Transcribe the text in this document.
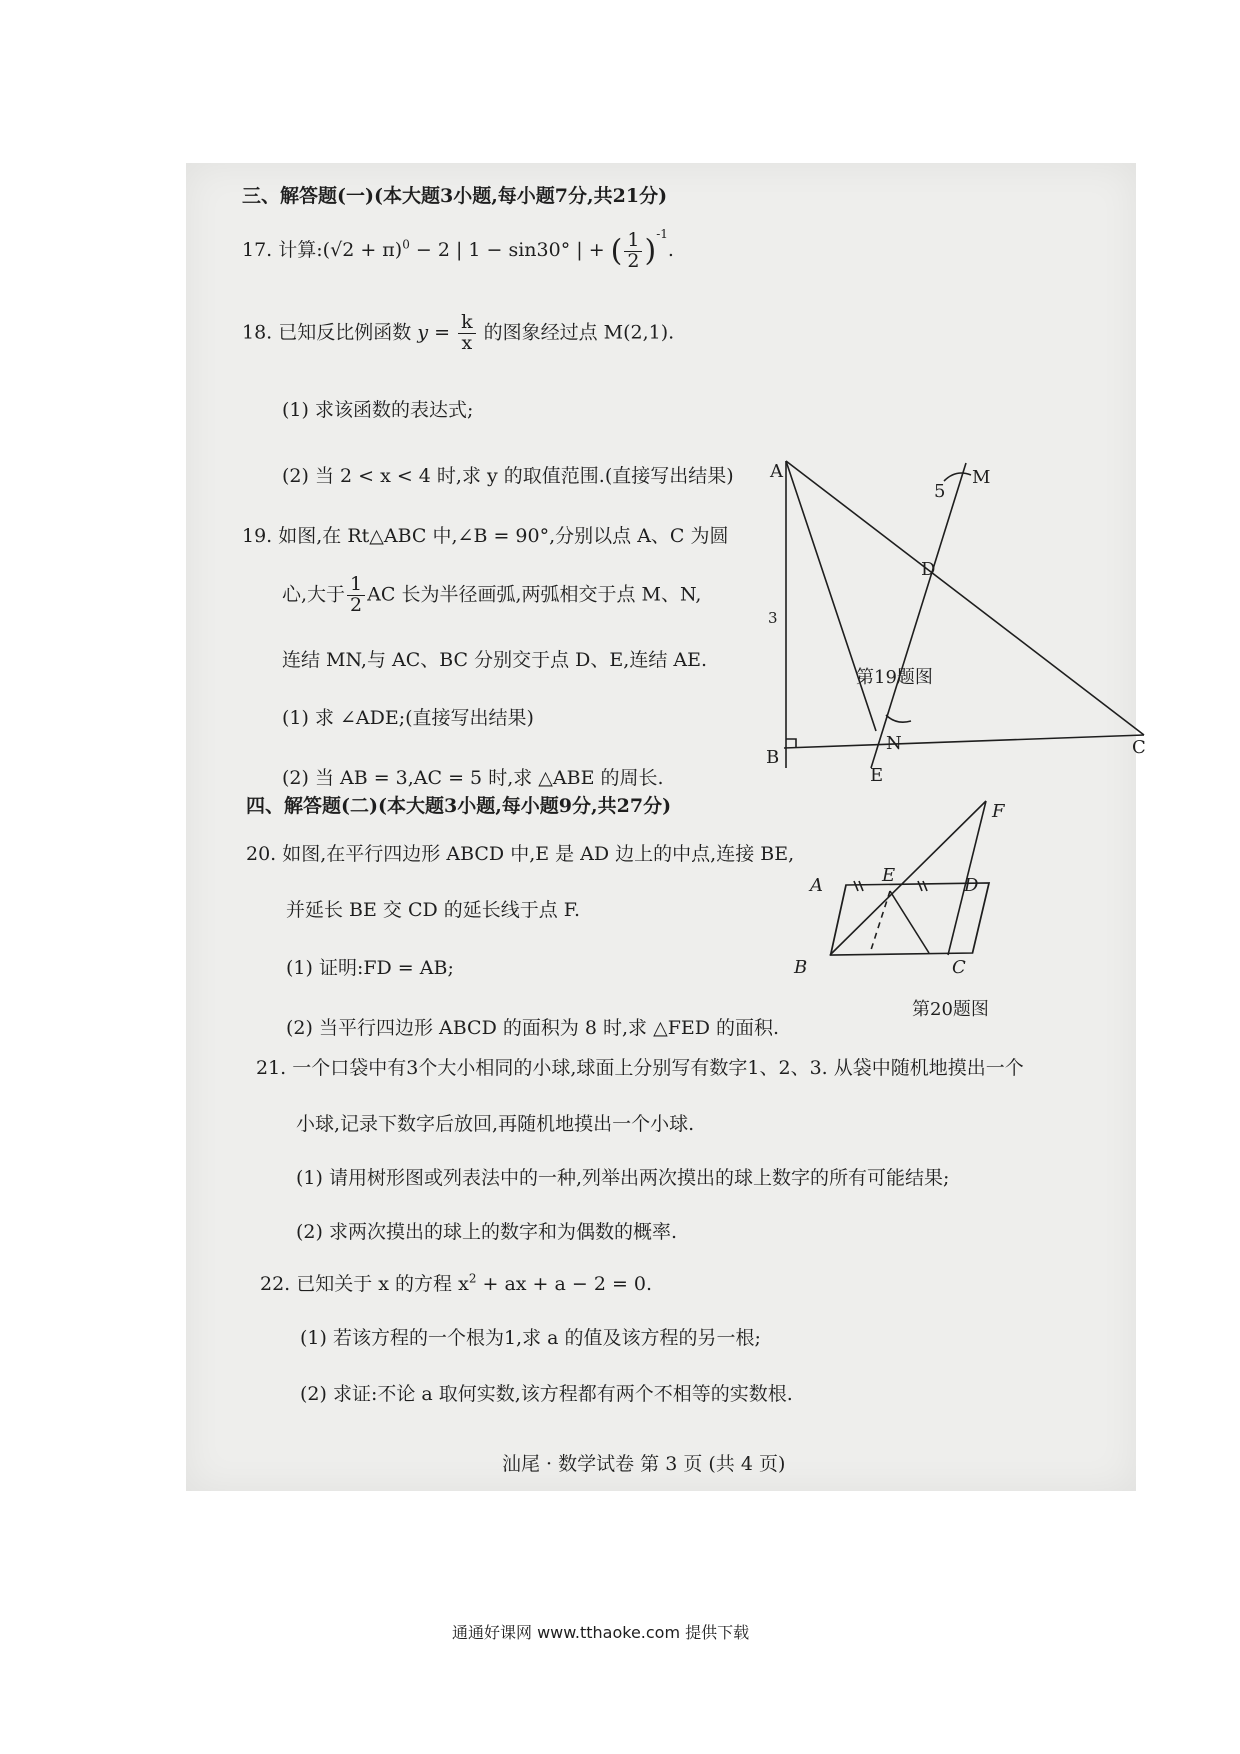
三、解答题(一)(本大题3小题,每小题7分,共21分)
17. 计算:(√2 + π)$^0$ − 2 | 1 − sin30° | + ( $\frac{1}{2} )^{-1}$.
18. 已知反比例函数 $y = \frac{k}{x}$ 的图象经过点 M(2,1).
(1) 求该函数的表达式;
(2) 当 2 < x < 4 时,求 y 的取值范围.(直接写出结果)
19. 如图,在 Rt△ABC 中,∠B = 90°,分别以点 A、C 为圆
心,大于 $\frac{1}{2}$ AC 长为半径画弧,两弧相交于点 M、N,
连结 MN,与 AC、BC 分别交于点 D、E,连结 AE.
(1) 求 ∠ADE;(直接写出结果)
(2) 当 AB = 3,AC = 5 时,求 △ABE 的周长.
A
B	C
D
E
M
N
3
5
第19题图
四、解答题(二)(本大题3小题,每小题9分,共27分)
20. 如图,在平行四边形 ABCD 中,E 是 AD 边上的中点,连接 BE,
并延长 BE 交 CD 的延长线于点 F.
(1) 证明:FD = AB;
(2) 当平行四边形 ABCD 的面积为 8 时,求 △FED 的面积.
A
B	C
D
E
F
第20题图
21. 一个口袋中有3个大小相同的小球,球面上分别写有数字1、2、3. 从袋中随机地摸出一个
小球,记录下数字后放回,再随机地摸出一个小球.
(1) 请用树形图或列表法中的一种,列举出两次摸出的球上数字的所有可能结果;
(2) 求两次摸出的球上的数字和为偶数的概率.
22. 已知关于 x 的方程 $x^2$ + ax + a − 2 = 0.
(1) 若该方程的一个根为1,求 a 的值及该方程的另一根;
(2) 求证:不论 a 取何实数,该方程都有两个不相等的实数根.
汕尾 · 数学试卷 第 3 页 (共 4 页)
通通好课网 www.tthaoke.com 提供下载
